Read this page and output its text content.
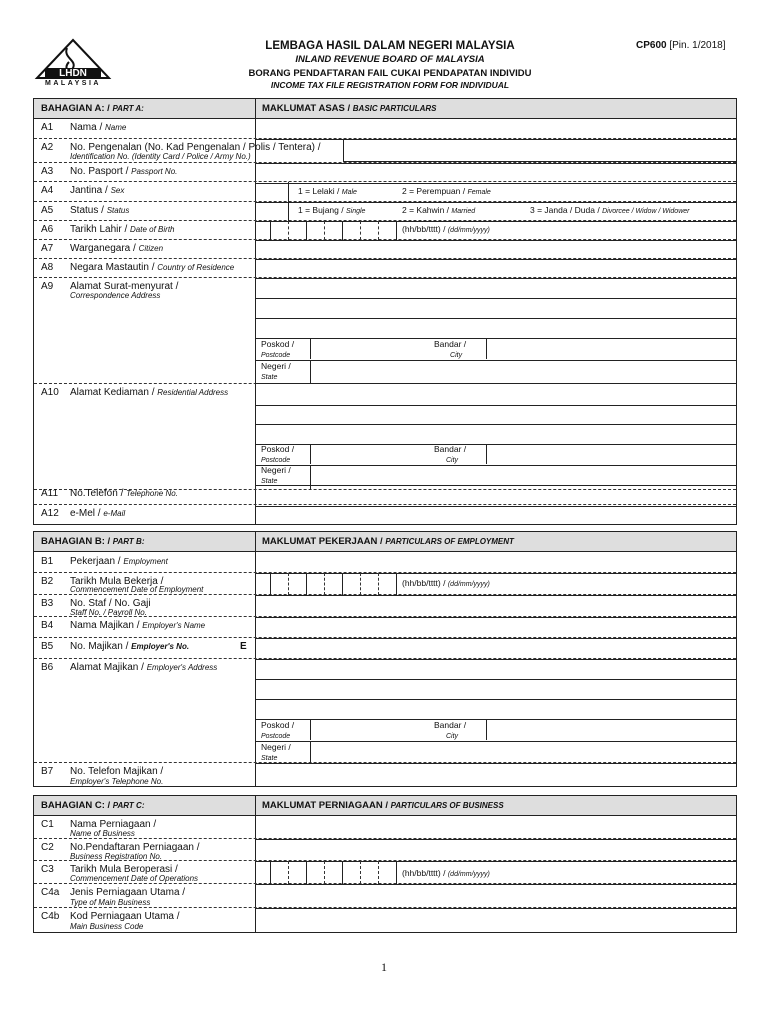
LHDN
MALAYSIA
LEMBAGA HASIL DALAM NEGERI MALAYSIA
INLAND REVENUE BOARD OF MALAYSIA
BORANG PENDAFTARAN FAIL CUKAI PENDAPATAN INDIVIDU
INCOME TAX FILE REGISTRATION FORM FOR INDIVIDUAL
CP600 [Pin. 1/2018]
BAHAGIAN A: / PART A:	MAKLUMAT ASAS / BASIC PARTICULARS
A1 Nama / Name
A2 No. Pengenalan (No. Kad Pengenalan / Polis / Tentera) /
Identification No. (Identity Card / Police / Army No.)
A3 No. Pasport / Passport No.
A4 Jantina / Sex	1 = Lelaki / Male	2 = Perempuan / Female
A5 Status / Status	1 = Bujang / Single	2 = Kahwin / Married	3 = Janda / Duda / Divorcee / Widow / Widower
A6 Tarikh Lahir / Date of Birth	(hh/bb/tttt) / (dd/mm/yyyy)
A7 Warganegara / Citizen
A8 Negara Mastautin / Country of Residence
A9 Alamat Surat-menyurat /
Correspondence Address
Poskod /
Postcode
Bandar /
City
Negeri /
State
A10 Alamat Kediaman / Residential Address
Poskod /
Postcode
Bandar /
City
Negeri /
State
A11 No.Telefon / Telephone No.
A12 e-Mel / e-Mail
BAHAGIAN B: / PART B:	MAKLUMAT PEKERJAAN / PARTICULARS OF EMPLOYMENT
B1 Pekerjaan / Employment
B2 Tarikh Mula Bekerja /
Commencement Date of Employment
(hh/bb/tttt) / (dd/mm/yyyy)
B3 No. Staf / No. Gaji
Staff No. / Payroll No.
B4 Nama Majikan / Employer's Name
B5 No. Majikan / Employer's No.	E
B6 Alamat Majikan / Employer's Address
Poskod /
Postcode
Bandar /
City
Negeri /
State
B7 No. Telefon Majikan /
Employer's Telephone No.
BAHAGIAN C: / PART C:	MAKLUMAT PERNIAGAAN / PARTICULARS OF BUSINESS
C1 Nama Perniagaan /
Name of Business
C2 No.Pendaftaran Perniagaan /
Business Registration No.
C3 Tarikh Mula Beroperasi /
Commencement Date of Operations
(hh/bb/tttt) / (dd/mm/yyyy)
C4a Jenis Perniagaan Utama /
Type of Main Business
C4b Kod Perniagaan Utama /
Main Business Code
1
